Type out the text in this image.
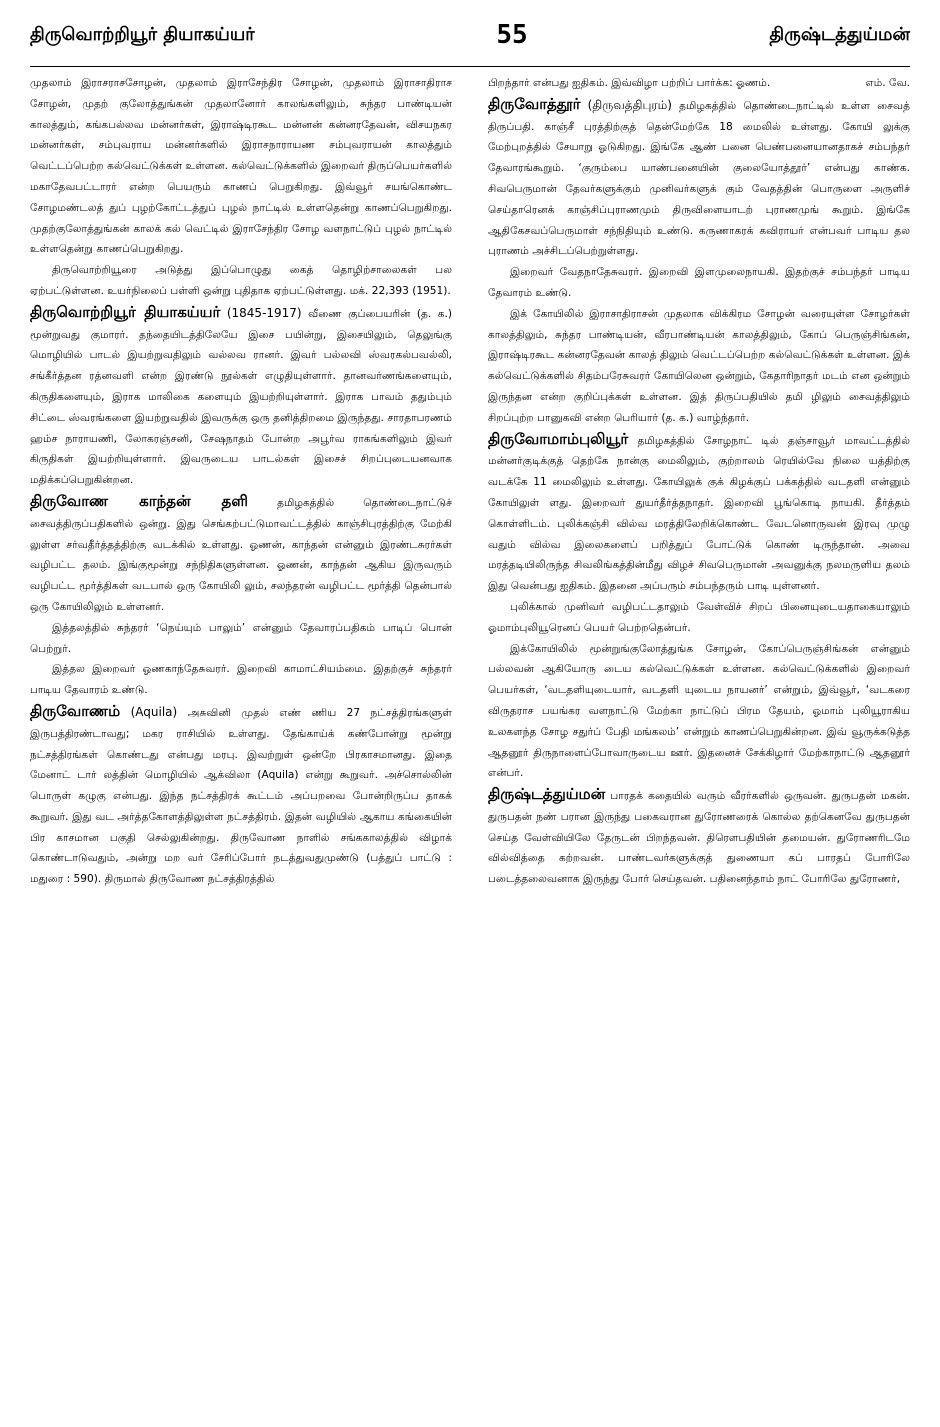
திருவொற்றியூர் தியாகய்யர்	55	திருஷ்டத்துய்மன்

முதலாம் இராசராசசோழன், முதலாம் இராசேந்திர சோழன், முதலாம் இராசாதிராச சோழன், முதற் குலோத்துங்கன் முதலானோர் காலங்களிலும், சுந்தர பாண்டியன் காலத்தும், கங்கபல்லவ மன்னர்கள், இராஷ்டிரகூட மன்னன் கன்னரதேவன், விசயநகர மன்னர்கள், சம்புவராய மன்னர்களில் இராசநாராயண சம்புவராயன் காலத்தும் வெட்டப்பெற்ற கல்வெட்டுக்கள் உள்ளன. கல்வெட்டுக்களில் இறைவர் திருப்பெயர்களில் மகாதேவபட்டாரர் என்ற பெயரும் காணப் பெறுகிறது. இவ்வூர் சயங்கொண்ட சோழமண்டலத் துப் புழற்கோட்டத்துப் புழல் நாட்டில் உள்ளதென்று காணப்பெறுகிறது. முதற்குலோத்துங்கன் காலக் கல் வெட்டில் இராசேந்திர சோழ வளநாட்டுப் புழல் நாட்டில் உள்ளதென்று காணப்பெறுகிறது.

திருவொற்றியூரை அடுத்து இப்பொழுது கைத் தொழிற்சாலைகள் பல ஏற்பட்டுள்ளன. உயர்நிலைப் பள்ளி ஒன்று புதிதாக ஏற்பட்டுள்ளது. மக். 22,393 (1951).

திருவொற்றியூர் தியாகய்யர் (1845-1917) வீணை குப்பையரின் (த. க.) மூன்றுவது குமாரர். தந்தையிடத்திலேயே இசை பயின்று, இசையிலும், தெலுங்கு மொழியில் பாடல் இயற்றுவதிலும் வல்லவ ரானர். இவர் பல்லவி ஸ்வரகல்பவல்லி, சங்கீர்த்தன ரத்னவளி என்ற இரண்டு நூல்கள் எழுதியுள்ளார். தானவர்ணங்களையும், கிருதிகளையும், இராக மாலிகை களையும் இயற்றியுள்ளார். இராக பாவம் ததும்பும் சிட்டை ஸ்வரங்களை இயற்றுவதில் இவருக்கு ஒரு தனித்திறமை இருந்தது. சாரதாபரணம் ஹம்ச நாராயணி, லோகரஞ்சனி, சேஷநாதம் போன்ற அபூர்வ ராகங்களிலும் இவர் கிருதிகள் இயற்றியுள்ளார். இவருடைய பாடல்கள் இசைச் சிறப்புடையனவாக மதிக்கப்பெறுகின்றன.

திருவோண காந்தன் தளி	தமிழகத்தில் தொண்டைநாட்டுச் சைவத்திருப்பதிகளில் ஒன்று. இது செங்கற்பட்டுமாவட்டத்தில் காஞ்சிபுரத்திற்கு மேற்கி லுள்ள சர்வதீர்த்தத்திற்கு வடக்கில் உள்ளது. ஓணன், காந்தன் என்னும் இரண்டசுரர்கள் வழிபட்ட தலம். இங்குமூன்று சந்நிதிகளுள்ளன. ஓணன், காந்தன் ஆகிய இருவரும் வழிபட்ட மூர்த்திகள் வடபால் ஒரு கோயிலி லும், சலந்தரன் வழிபட்ட மூர்த்தி தென்பால் ஒரு கோயிலிலும் உள்ளனர்.

இத்தலத்தில் சுந்தரர் ‘நெய்யும் பாலும்’ என்னும் தேவாரப்பதிகம் பாடிப் பொன் பெற்றுர்.

இத்தல இறைவர் ஓணகாந்தேசுவரர். இறைவி காமாட்சியம்மை. இதற்குச் சுந்தரர் பாடிய தேவாரம் உண்டு.

திருவோணம் (Aquila) அசுவினி முதல் எண் ணிய 27 நட்சத்திரங்களுள் இருபத்திரண்டாவது; மகர ராசியில் உள்ளது. தேங்காய்க் கண்போன்று மூன்று நட்சத்திரங்கள் கொண்டது என்பது மரபு. இவற்றுள் ஒன்றே பிரகாசமானது. இதை மேனாட் டார் லத்தின் மொழியில் ஆக்விலா (Aquila) என்று கூறுவர். அச்சொல்லின் பொருள் கழுகு என்பது. இந்த நட்சத்திரக் கூட்டம் அப்பறவை போன்றிருப்ப தாகக் கூறுவர். இது வட அர்த்தகோளத்திலுள்ள நட்சத்திரம். இதன் வழியில் ஆகாய கங்கையின் பிர காசமான பகுதி செல்லுகின்றது. திருவோண நாளில் சங்ககாலத்தில் விழாக் கொண்டாடுவதும், அன்று மற வர் சேரிப்போர் நடத்துவதுமுண்டு (பத்துப் பாட்டு : மதுரை : 590). திருமால் திருவோண நட்சத்திரத்தில்

பிறந்தார் என்பது ஐதிகம். இவ்விழா பற்றிப் பார்க்க: ஓணம்.	எம். வே.

திருவோத்தூர் (திருவத்திபுரம்) தமிழகத்தில் தொண்டைநாட்டில் உள்ள சைவத் திருப்பதி. காஞ்சீ புரத்திற்குத் தென்மேற்கே 18 மைலில் உள்ளது. கோயி லுக்கு மேற்புறத்தில் சேயாறு ஓடுகிறது. இங்கே ஆண் பனை பெண்பனையானதாகச் சம்பந்தர் தேவாரங்கூறும். ‘குரும்பை யாண்பனையின் குலையோத்தூர்’ என்பது காண்க. சிவபெருமான் தேவர்களுக்கும் முனிவர்களுக் கும் வேதத்தின் பொருளை அருளிச் செய்தாரெனக் காஞ்சிப்புராணமும் திருவிளையாடற் புராணமுங் கூறும். இங்கே ஆதிகேசவப்பெருமாள் சந்நிதியும் உண்டு. கருணாகரக் கவிராயர் என்பவர் பாடிய தல புராணம் அச்சிடப்பெற்றுள்ளது.

இறைவர் வேதநாதேசுவரர். இறைவி இளமுலைநாயகி. இதற்குச் சம்பந்தர் பாடிய தேவாரம் உண்டு.

இக் கோயிலில் இராசாதிராசன் முதலாக விக்கிரம சோழன் வரையுள்ள சோழர்கள் காலத்திலும், சுந்தர பாண்டியன், வீரபாண்டியன் காலத்திலும், கோப் பெருஞ்சிங்கன், இராஷ்டிரகூட கன்னரதேவன் காலத் திலும் வெட்டப்பெற்ற கல்வெட்டுக்கள் உள்ளன. இக் கல்வெட்டுக்களில் சிதம்பரேசுவரர் கோயிலென ஒன்றும், கேதாரிநாதர் மடம் என ஒன்றும் இருந்தன என்ற குறிப்புக்கள் உள்ளன. இத் திருப்பதியில் தமி ழிலும் சைவத்திலும் சிறப்புற்ற பானுகவி என்ற பெரியார் (த. க.) வாழ்ந்தார்.

திருவோமாம்புலியூர் தமிழகத்தில் சோழநாட் டில் தஞ்சாவூர் மாவட்டத்தில் மன்னர்குடிக்குத் தெற்கே நான்கு மைலிலும், குற்றாலம் ரெயில்வே நிலை யத்திற்கு வடக்கே 11 மைலிலும் உள்ளது. கோயிலுக் குக் கிழக்குப் பக்கத்தில் வடதளி என்னும் கோயிலுள் ளது. இறைவர் துயர்தீர்த்தநாதர். இறைவி பூங்கொடி நாயகி. தீர்த்தம் கொள்ளிடம். புலிக்கஞ்சி வில்வ மரத்திலேறிக்கொண்ட வேடனொருவன் இரவு முழு வதும் வில்வ இலைகளைப் பறித்துப் போட்டுக் கொண் டிருந்தான். அவை மரத்தடியிலிருந்த சிவலிங்கத்தின்மீது விழச் சிவபெருமான் அவனுக்கு நலமருளிய தலம் இது வென்பது ஐதிகம். இதனை அப்பரும் சம்பந்தரும் பாடி யுள்ளனர்.

புலிக்கால் முனிவர் வழிபட்டதாலும் வேள்விச் சிறப் பினையுடையதாகையாலும் ஓமாம்புலியூரெனப் பெயர் பெற்றதென்பர்.

இக்கோயிலில் மூன்றுங்குலோத்துங்க சோழன், கோப்பெருஞ்சிங்கன் என்னும் பல்லவன் ஆகியோரு டைய கல்வெட்டுக்கள் உள்ளன. கல்வெட்டுக்களில் இறைவர் பெயர்கள், ‘வடதளியுடையார், வடதளி யுடைய நாயனர்’ என்றும், இவ்வூர், ‘வடகரை விருதராச பயங்கர வளநாட்டு மேற்கா நாட்டுப் பிரம தேயம், ஓமாம் புலியூராகிய உலகளந்த சோழ சதுர்ப் பேதி மங்கலம்’ என்றும் காணப்பெறுகின்றன. இவ் வூருக்கடுத்த ஆதனூர் திருநாளைப்போவாருடைய ஊர். இதனைச் சேக்கிழார் மேற்காநாட்டு ஆதனூர் என்பர்.

திருஷ்டத்துய்மன் பாரதக் கதையில் வரும் வீரர்களில் ஒருவன். துருபதன் மகன். துருபதன் நண் பரான இருந்து பகைவரான துரோணரைக் கொல்ல தற்கெனவே துருபதன் செய்த வேள்வியிலே தேருடன் பிறந்தவன். திரௌபதியின் தமையன். துரோணரிடமே வில்வித்தை கற்றவன். பாண்டவர்களுக்குத் துணையா கப் பாரதப் போரிலே படைத்தலைவனாக இருந்து போர் செய்தவன். பதினைந்தாம் நாட் போரிலே துரோணர்,
